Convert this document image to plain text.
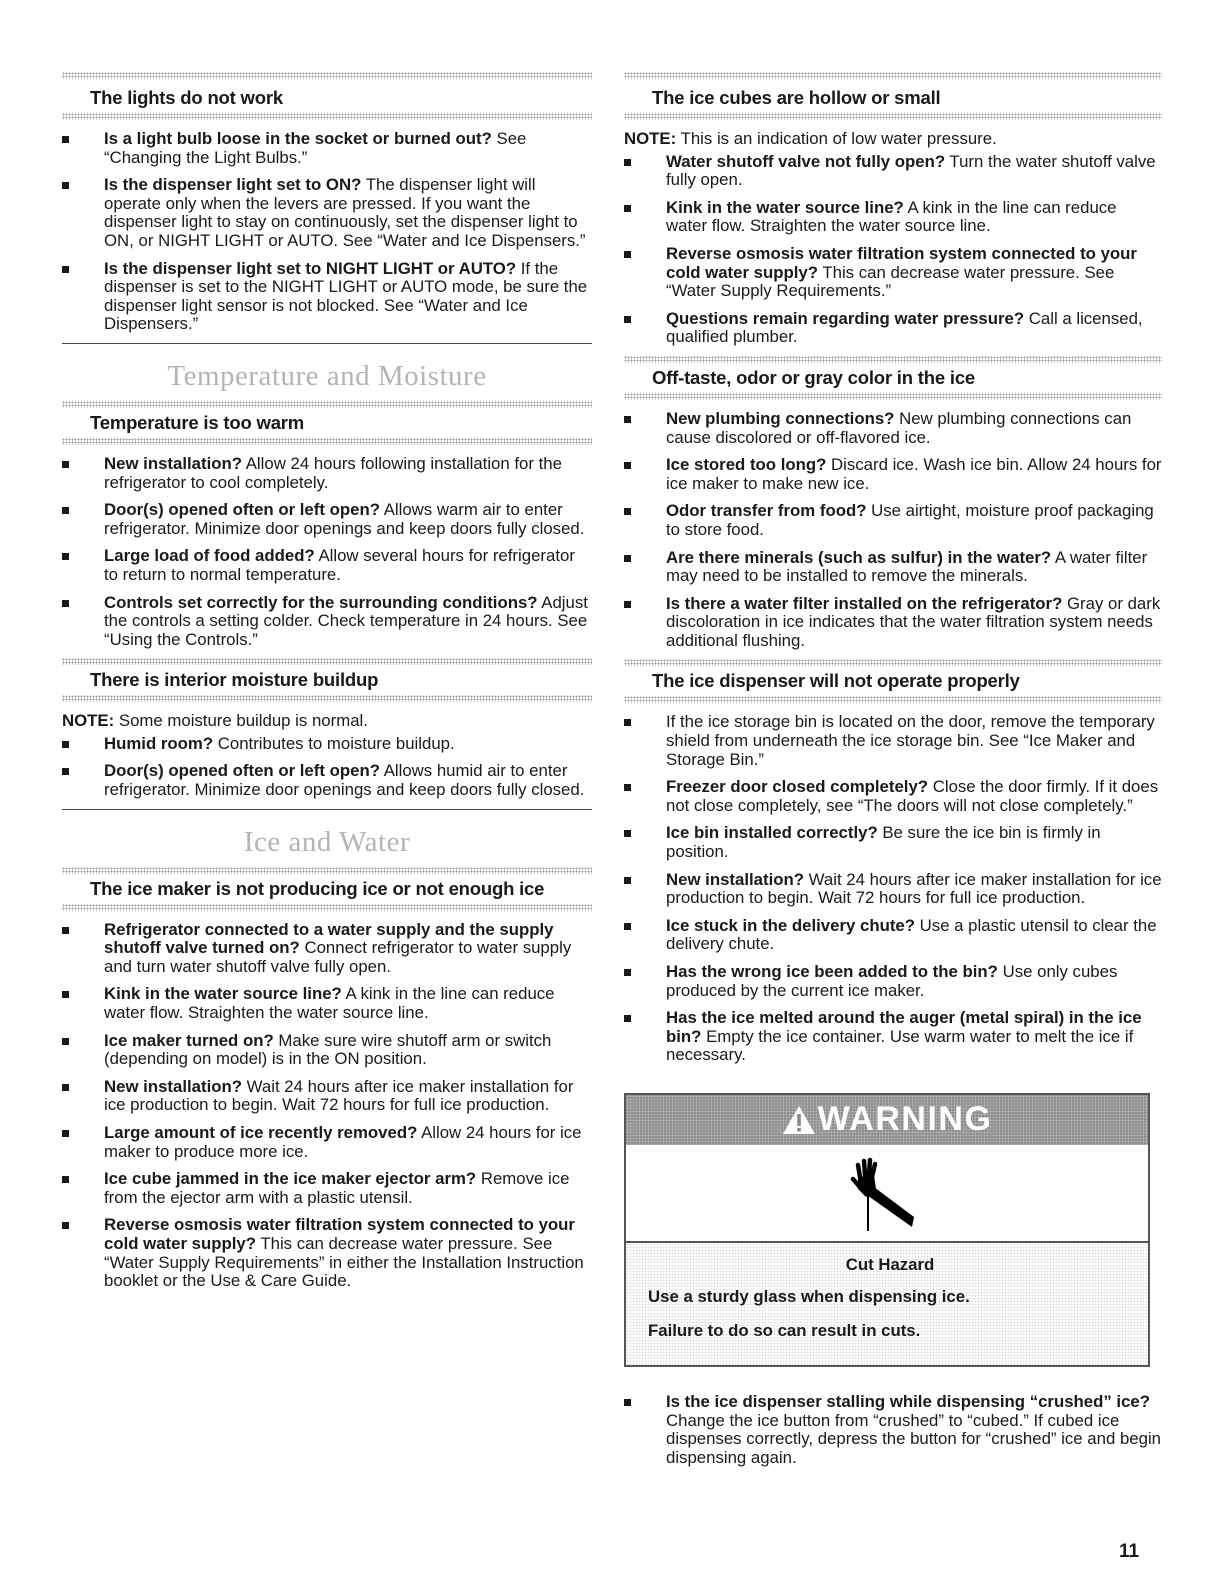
The lights do not work
Is a light bulb loose in the socket or burned out? See “Changing the Light Bulbs.”
Is the dispenser light set to ON? The dispenser light will operate only when the levers are pressed. If you want the dispenser light to stay on continuously, set the dispenser light to ON, or NIGHT LIGHT or AUTO. See “Water and Ice Dispensers.”
Is the dispenser light set to NIGHT LIGHT or AUTO? If the dispenser is set to the NIGHT LIGHT or AUTO mode, be sure the dispenser light sensor is not blocked. See “Water and Ice Dispensers.”
Temperature and Moisture
Temperature is too warm
New installation? Allow 24 hours following installation for the refrigerator to cool completely.
Door(s) opened often or left open? Allows warm air to enter refrigerator. Minimize door openings and keep doors fully closed.
Large load of food added? Allow several hours for refrigerator to return to normal temperature.
Controls set correctly for the surrounding conditions? Adjust the controls a setting colder. Check temperature in 24 hours. See “Using the Controls.”
There is interior moisture buildup
NOTE: Some moisture buildup is normal.
Humid room? Contributes to moisture buildup.
Door(s) opened often or left open? Allows humid air to enter refrigerator. Minimize door openings and keep doors fully closed.
Ice and Water
The ice maker is not producing ice or not enough ice
Refrigerator connected to a water supply and the supply shutoff valve turned on? Connect refrigerator to water supply and turn water shutoff valve fully open.
Kink in the water source line? A kink in the line can reduce water flow. Straighten the water source line.
Ice maker turned on? Make sure wire shutoff arm or switch (depending on model) is in the ON position.
New installation? Wait 24 hours after ice maker installation for ice production to begin. Wait 72 hours for full ice production.
Large amount of ice recently removed? Allow 24 hours for ice maker to produce more ice.
Ice cube jammed in the ice maker ejector arm? Remove ice from the ejector arm with a plastic utensil.
Reverse osmosis water filtration system connected to your cold water supply? This can decrease water pressure. See “Water Supply Requirements” in either the Installation Instruction booklet or the Use & Care Guide.
The ice cubes are hollow or small
NOTE: This is an indication of low water pressure.
Water shutoff valve not fully open? Turn the water shutoff valve fully open.
Kink in the water source line? A kink in the line can reduce water flow. Straighten the water source line.
Reverse osmosis water filtration system connected to your cold water supply? This can decrease water pressure. See “Water Supply Requirements.”
Questions remain regarding water pressure? Call a licensed, qualified plumber.
Off-taste, odor or gray color in the ice
New plumbing connections? New plumbing connections can cause discolored or off-flavored ice.
Ice stored too long? Discard ice. Wash ice bin. Allow 24 hours for ice maker to make new ice.
Odor transfer from food? Use airtight, moisture proof packaging to store food.
Are there minerals (such as sulfur) in the water? A water filter may need to be installed to remove the minerals.
Is there a water filter installed on the refrigerator? Gray or dark discoloration in ice indicates that the water filtration system needs additional flushing.
The ice dispenser will not operate properly
If the ice storage bin is located on the door, remove the temporary shield from underneath the ice storage bin. See “Ice Maker and Storage Bin.”
Freezer door closed completely? Close the door firmly. If it does not close completely, see “The doors will not close completely.”
Ice bin installed correctly? Be sure the ice bin is firmly in position.
New installation? Wait 24 hours after ice maker installation for ice production to begin. Wait 72 hours for full ice production.
Ice stuck in the delivery chute? Use a plastic utensil to clear the delivery chute.
Has the wrong ice been added to the bin? Use only cubes produced by the current ice maker.
Has the ice melted around the auger (metal spiral) in the ice bin? Empty the ice container. Use warm water to melt the ice if necessary.
WARNING
Cut Hazard
Use a sturdy glass when dispensing ice.
Failure to do so can result in cuts.
Is the ice dispenser stalling while dispensing “crushed” ice? Change the ice button from “crushed” to “cubed.” If cubed ice dispenses correctly, depress the button for “crushed” ice and begin dispensing again.
11
